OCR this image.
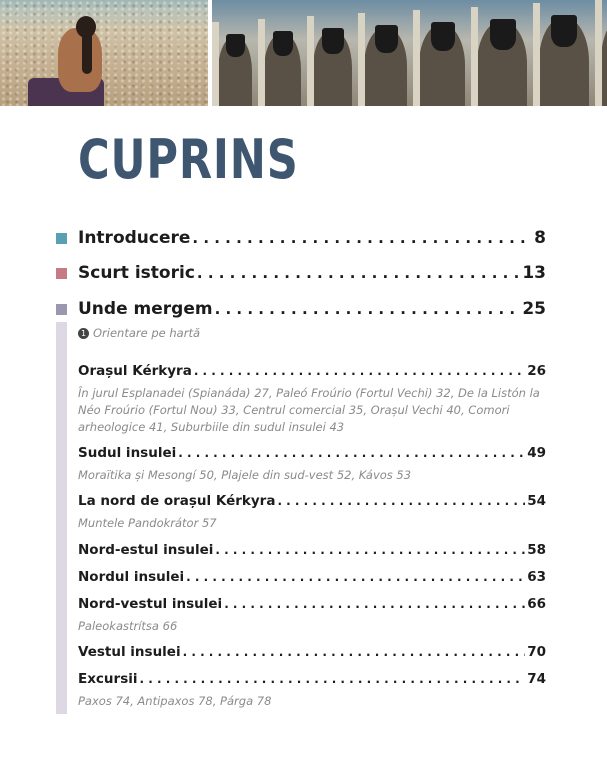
CUPRINS
Introducere . . .	8
Scurt istoric . . .	13
Unde mergem . . .	25
1 Orientare pe hartă
Orașul Kérkyra . . .	26
În jurul Esplanadei (Spianáda) 27, Paleó Froúrio (Fortul Vechi) 32, De la Listón la Néo Froúrio (Fortul Nou) 33, Centrul comercial 35, Orașul Vechi 40, Comori arheologice 41, Suburbiile din sudul insulei 43
Sudul insulei . . .	49
Moraïtika și Mesongí 50, Plajele din sud-vest 52, Kávos 53
La nord de orașul Kérkyra . . .	54
Muntele Pandokrátor 57
Nord-estul insulei . . .	58
Nordul insulei . . .	63
Nord-vestul insulei . . .	66
Paleokastrítsa 66
Vestul insulei . . .	70
Excursii . . .	74
Paxos 74, Antipaxos 78, Párga 78
